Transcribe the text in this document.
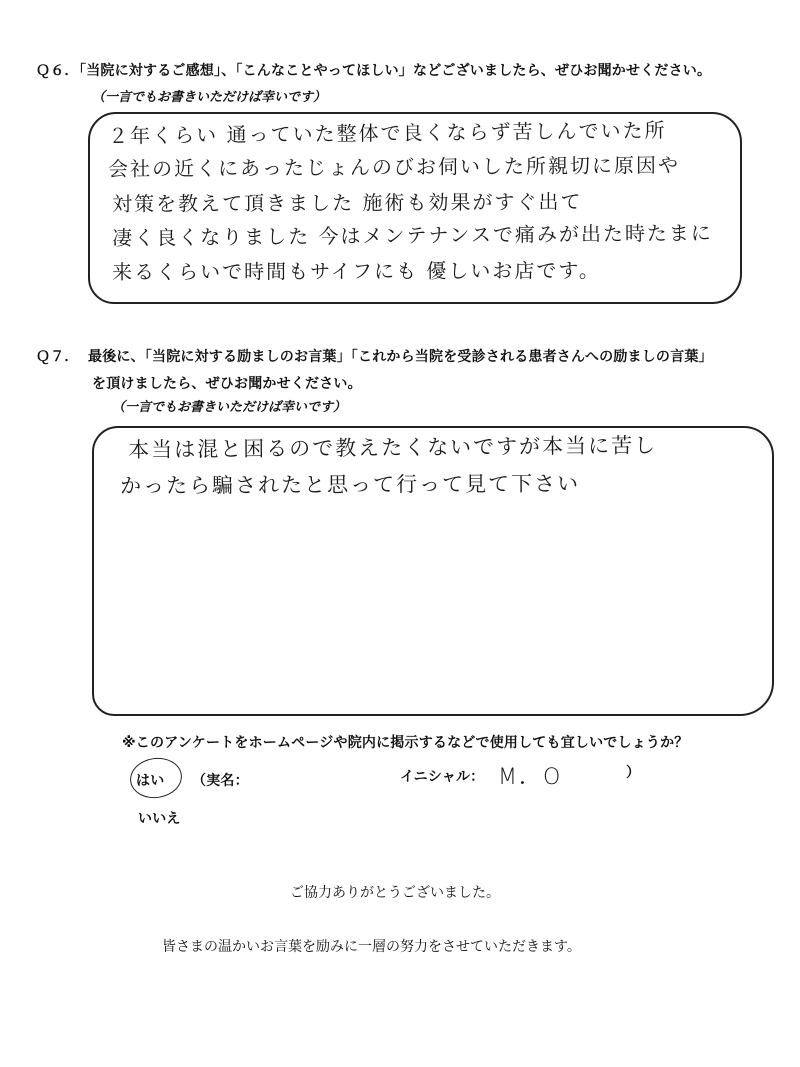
Ｑ６．
「当院に対するご感想」、「こんなことやってほしい」などございましたら、ぜひお聞かせください。
（一言でもお書きいただけば幸いです）
２年くらい 通っていた整体で良くならず苦しんでいた所
会社の近くにあったじょんのびお伺いした所親切に原因や
対策を教えて頂きました 施術も効果がすぐ出て
凄く良くなりました 今はメンテナンスで痛みが出た時たまに
来るくらいで時間もサイフにも 優しいお店です。
Ｑ７． 最後に、「当院に対する励ましのお言葉」「これから当院を受診される患者さんへの励ましの言葉」
を頂けましたら、ぜひお聞かせください。
（一言でもお書きいただけば幸いです）
本当は混と困るので教えたくないですが本当に苦し
かったら騙されたと思って行って見て下さい
※このアンケートをホームページや院内に掲示するなどで使用しても宜しいでしょうか？
はい （実名：	イニシャル： M．O	）
いいえ
ご協力ありがとうございました。
皆さまの温かいお言葉を励みに一層の努力をさせていただきます。
